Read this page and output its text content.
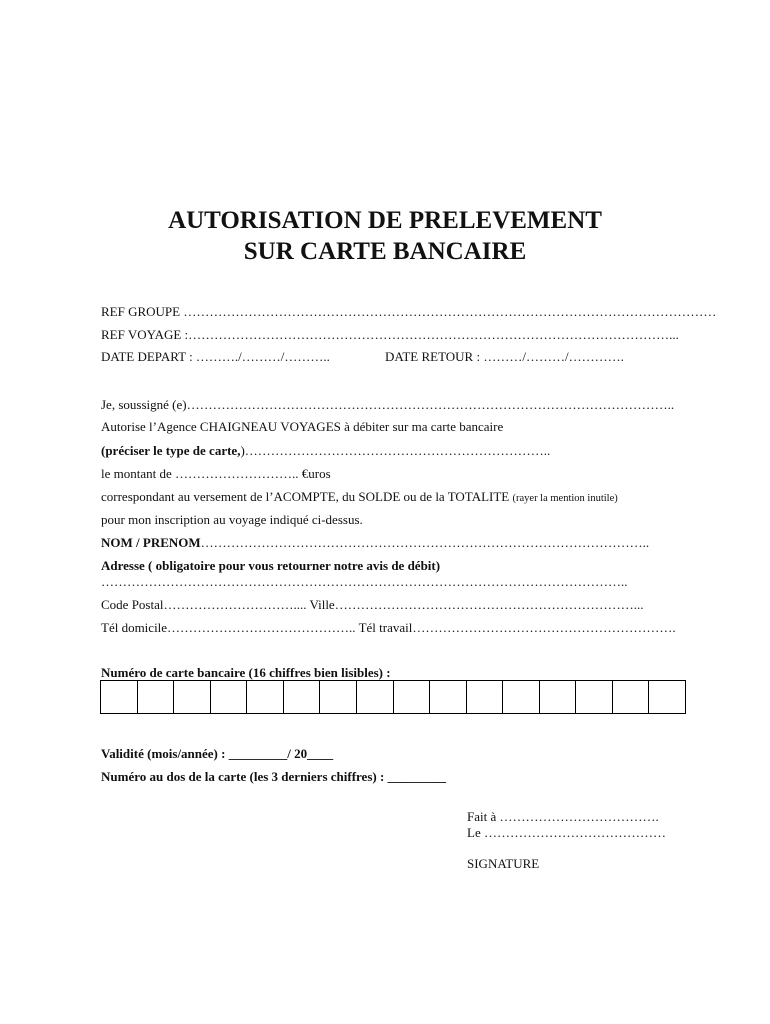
AUTORISATION DE PRELEVEMENT
SUR CARTE BANCAIRE
REF GROUPE ……………………………………………………………………………………………………………
REF VOYAGE :…………………………………………………………………………………………………...
DATE DEPART : ………./………/………..	DATE RETOUR : ………/………/………….
Je, soussigné (e)…………………………………………………………………………………………………..
Autorise l’Agence CHAIGNEAU VOYAGES à débiter sur ma carte bancaire
(préciser le type de carte,)……………………………………………………………..
le montant de ……………………….. €uros
correspondant au versement de l’ACOMPTE, du SOLDE ou de la TOTALITE (rayer la mention inutile)
pour mon inscription au voyage indiqué ci-dessus.
NOM / PRENOM…………………………………………………………………………………………..
Adresse ( obligatoire pour vous retourner notre avis de débit)
…………………………………………………………………………………………………………..
Code Postal………………………….... Ville……………………………………………………………...
Tél domicile…………………………………….. Tél travail…………………………………………………….
Numéro de carte bancaire (16 chiffres bien lisibles) :
Validité (mois/année) : _________/ 20____
Numéro au dos de la carte (les 3 derniers chiffres) : _________
Fait à ……………………………….
Le ……………………………………
SIGNATURE
